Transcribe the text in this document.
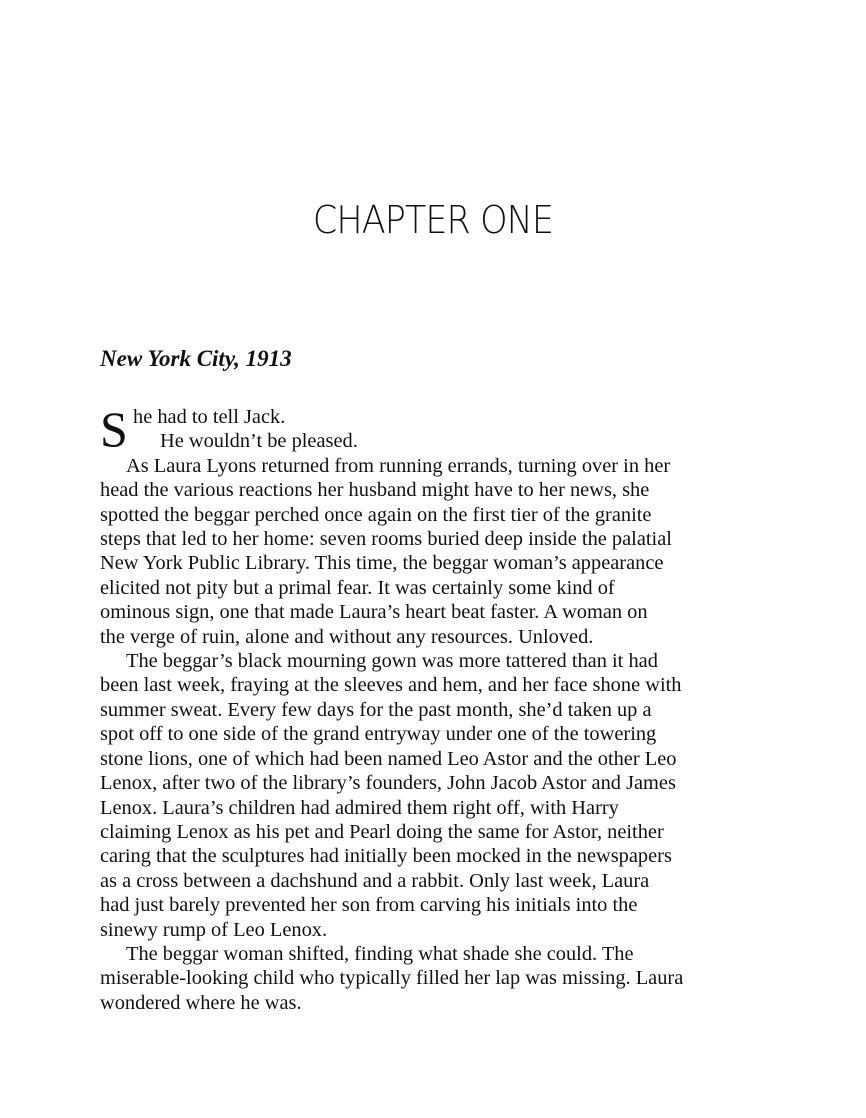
CHAPTER ONE
New York City, 1913
S he had to tell Jack.
He wouldn’t be pleased.
As Laura Lyons returned from running errands, turning over in her
head the various reactions her husband might have to her news, she
spotted the beggar perched once again on the first tier of the granite
steps that led to her home: seven rooms buried deep inside the palatial
New York Public Library. This time, the beggar woman’s appearance
elicited not pity but a primal fear. It was certainly some kind of
ominous sign, one that made Laura’s heart beat faster. A woman on
the verge of ruin, alone and without any resources. Unloved.
The beggar’s black mourning gown was more tattered than it had
been last week, fraying at the sleeves and hem, and her face shone with
summer sweat. Every few days for the past month, she’d taken up a
spot off to one side of the grand entryway under one of the towering
stone lions, one of which had been named Leo Astor and the other Leo
Lenox, after two of the library’s founders, John Jacob Astor and James
Lenox. Laura’s children had admired them right off, with Harry
claiming Lenox as his pet and Pearl doing the same for Astor, neither
caring that the sculptures had initially been mocked in the newspapers
as a cross between a dachshund and a rabbit. Only last week, Laura
had just barely prevented her son from carving his initials into the
sinewy rump of Leo Lenox.
The beggar woman shifted, finding what shade she could. The
miserable-looking child who typically filled her lap was missing. Laura
wondered where he was.
